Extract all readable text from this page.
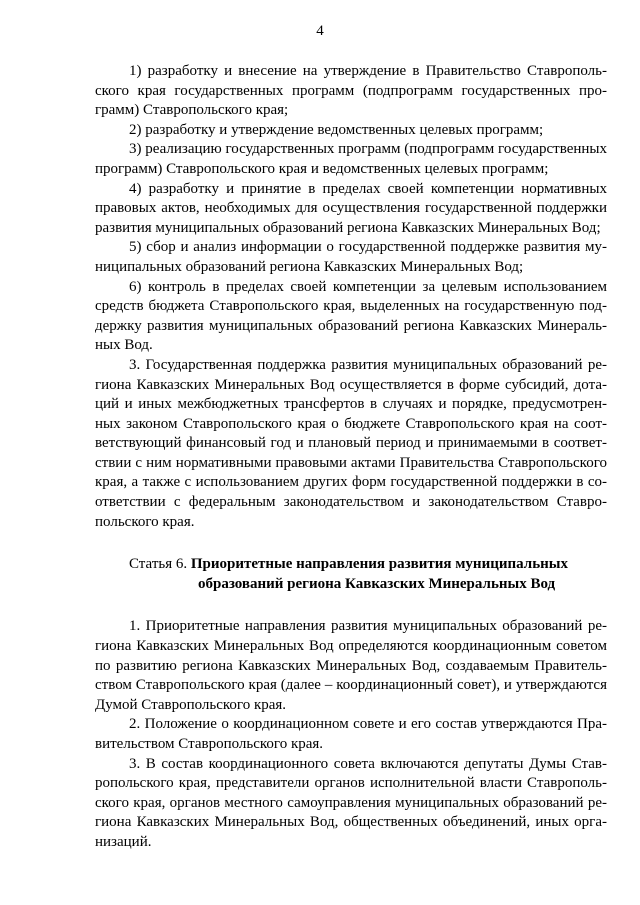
4

1) разработку и внесение на утверждение в Правительство Ставропольского края государственных программ (подпрограмм государственных программ) Ставропольского края;

2) разработку и утверждение ведомственных целевых программ;

3) реализацию государственных программ (подпрограмм государственных программ) Ставропольского края и ведомственных целевых программ;

4) разработку и принятие в пределах своей компетенции нормативных правовых актов, необходимых для осуществления государственной поддержки развития муниципальных образований региона Кавказских Минеральных Вод;

5) сбор и анализ информации о государственной поддержке развития муниципальных образований региона Кавказских Минеральных Вод;

6) контроль в пределах своей компетенции за целевым использованием средств бюджета Ставропольского края, выделенных на государственную поддержку развития муниципальных образований региона Кавказских Минеральных Вод.

3. Государственная поддержка развития муниципальных образований региона Кавказских Минеральных Вод осуществляется в форме субсидий, дотаций и иных межбюджетных трансфертов в случаях и порядке, предусмотренных законом Ставропольского края о бюджете Ставропольского края на соответствующий финансовый год и плановый период и принимаемыми в соответствии с ним нормативными правовыми актами Правительства Ставропольского края, а также с использованием других форм государственной поддержки в соответствии с федеральным законодательством и законодательством Ставропольского края.

Статья 6. Приоритетные направления развития муниципальных
образований региона Кавказских Минеральных Вод

1. Приоритетные направления развития муниципальных образований региона Кавказских Минеральных Вод определяются координационным советом по развитию региона Кавказских Минеральных Вод, создаваемым Правительством Ставропольского края (далее – координационный совет), и утверждаются Думой Ставропольского края.

2. Положение о координационном совете и его состав утверждаются Правительством Ставропольского края.

3. В состав координационного совета включаются депутаты Думы Ставропольского края, представители органов исполнительной власти Ставропольского края, органов местного самоуправления муниципальных образований региона Кавказских Минеральных Вод, общественных объединений, иных организаций.
